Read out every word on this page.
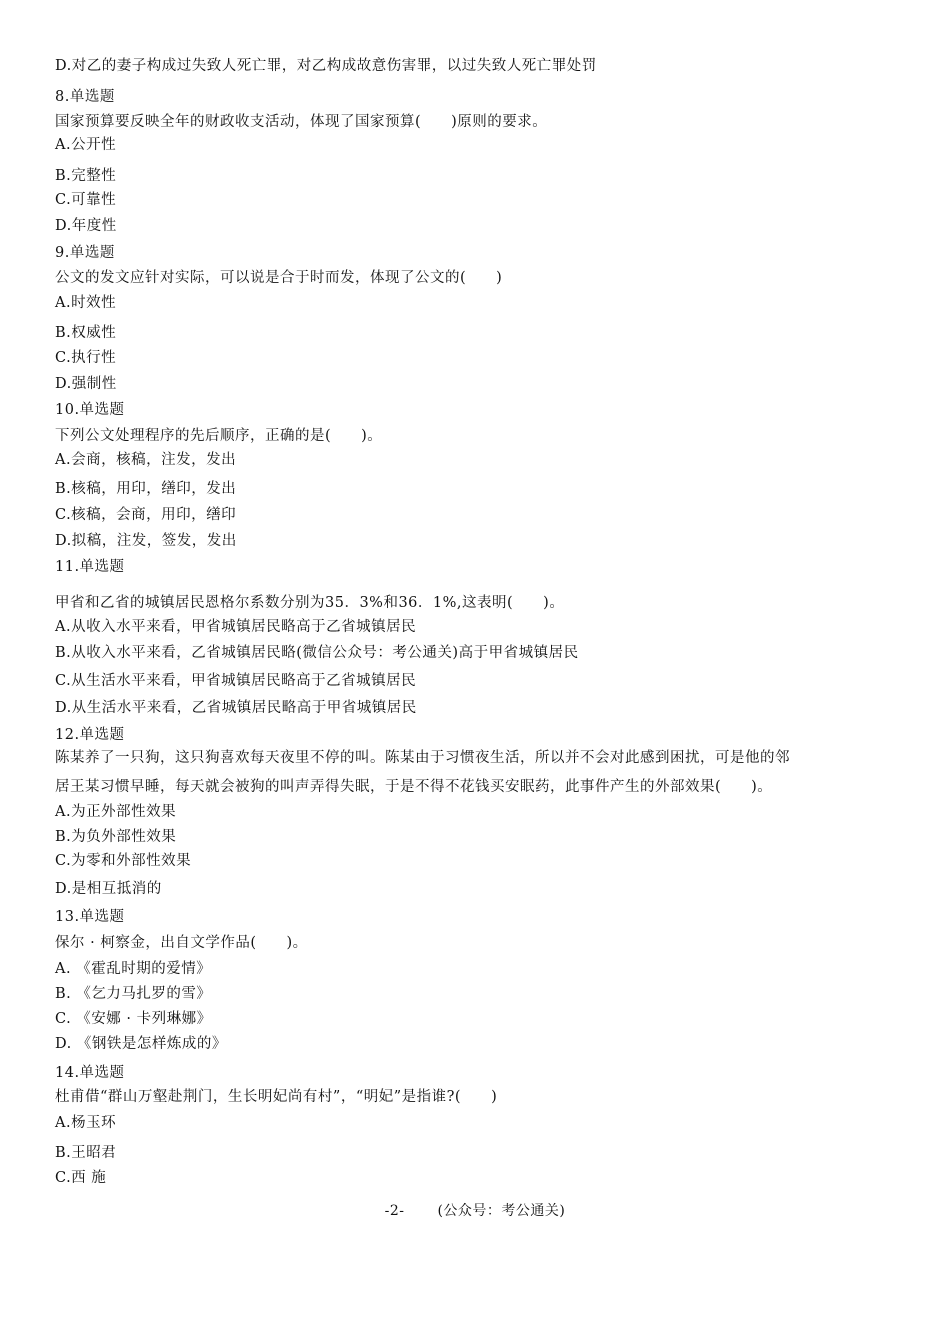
D.对乙的妻子构成过失致人死亡罪，对乙构成故意伤害罪，以过失致人死亡罪处罚
8.单选题
国家预算要反映全年的财政收支活动，体现了国家预算(　　)原则的要求。
A.公开性
B.完整性
C.可靠性
D.年度性
9.单选题
公文的发文应针对实际，可以说是合于时而发，体现了公文的(　　)
A.时效性
B.权威性
C.执行性
D.强制性
10.单选题
下列公文处理程序的先后顺序，正确的是(　　)。
A.会商，核稿，注发，发出
B.核稿，用印，缮印，发出
C.核稿，会商，用印，缮印
D.拟稿，注发，签发，发出
11.单选题
甲省和乙省的城镇居民恩格尔系数分别为35．3%和36．1%,这表明(　　)。
A.从收入水平来看，甲省城镇居民略高于乙省城镇居民
B.从收入水平来看，乙省城镇居民略(微信公众号：考公通关)高于甲省城镇居民
C.从生活水平来看，甲省城镇居民略高于乙省城镇居民
D.从生活水平来看，乙省城镇居民略高于甲省城镇居民
12.单选题
陈某养了一只狗，这只狗喜欢每天夜里不停的叫。陈某由于习惯夜生活，所以并不会对此感到困扰，可是他的邻
居王某习惯早睡，每天就会被狗的叫声弄得失眠，于是不得不花钱买安眠药，此事件产生的外部效果(　　)。
A.为正外部性效果
B.为负外部性效果
C.为零和外部性效果
D.是相互抵消的
13.单选题
保尔 · 柯察金，出自文学作品(　　)。
A. 《霍乱时期的爱情》
B. 《乞力马扎罗的雪》
C. 《安娜 · 卡列琳娜》
D. 《钢铁是怎样炼成的》
14.单选题
杜甫借“群山万壑赴荆门，生长明妃尚有村”，“明妃”是指谁?(　　)
A.杨玉环
B.王昭君
C.西 施
-2- (公众号：考公通关)
